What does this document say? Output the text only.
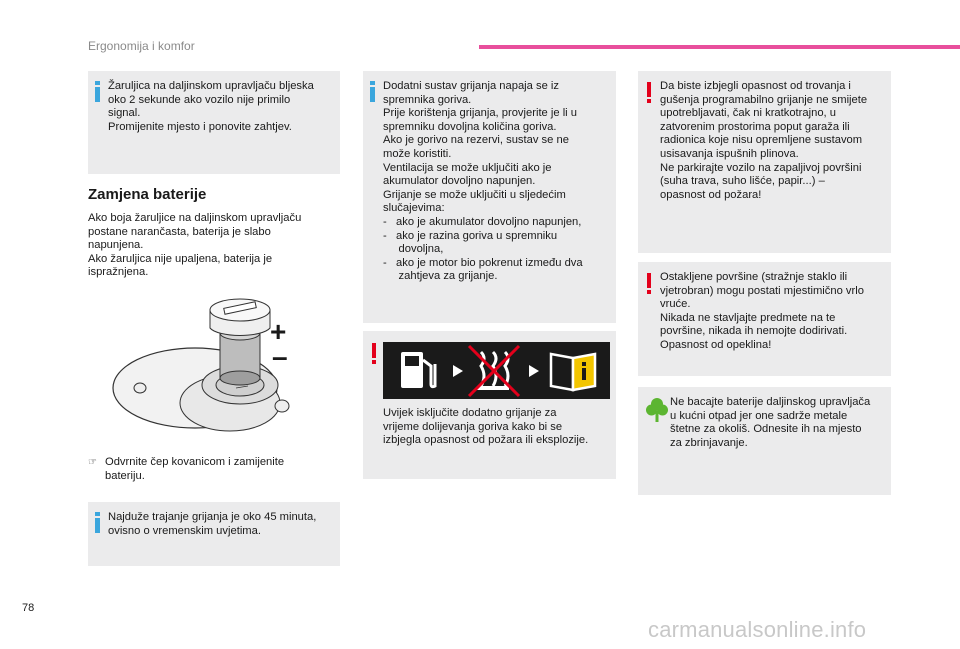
Ergonomija i komfor
Žaruljica na daljinskom upravljaču bljeska
oko 2 sekunde ako vozilo nije primilo
signal.
Promijenite mjesto i ponovite zahtjev.
Zamjena baterije
Ako boja žaruljice na daljinskom upravljaču
postane narančasta, baterija je slabo
napunjena.
Ako žaruljica nije upaljena, baterija je
ispražnjena.
+
–
☞ Odvrnite čep kovanicom i zamijenite
bateriju.
Najduže trajanje grijanja je oko 45 minuta,
ovisno o vremenskim uvjetima.
Dodatni sustav grijanja napaja se iz
spremnika goriva.
Prije korištenja grijanja, provjerite je li u
spremniku dovoljna količina goriva.
Ako je gorivo na rezervi, sustav se ne
može koristiti.
Ventilacija se može uključiti ako je
akumulator dovoljno napunjen.
Grijanje se može uključiti u sljedećim
slučajevima:
-   ako je akumulator dovoljno napunjen,
-   ako je razina goriva u spremniku
dovoljna,
-   ako je motor bio pokrenut između dva
zahtjeva za grijanje.
Uvijek isključite dodatno grijanje za
vrijeme dolijevanja goriva kako bi se
izbjegla opasnost od požara ili eksplozije.
Da biste izbjegli opasnost od trovanja i
gušenja programabilno grijanje ne smijete
upotrebljavati, čak ni kratkotrajno, u
zatvorenim prostorima poput garaža ili
radionica koje nisu opremljene sustavom
usisavanja ispušnih plinova.
Ne parkirajte vozilo na zapaljivoj površini
(suha trava, suho lišće, papir...) –
opasnost od požara!
Ostakljene površine (stražnje staklo ili
vjetrobran) mogu postati mjestimično vrlo
vruće.
Nikada ne stavljajte predmete na te
površine, nikada ih nemojte dodirivati.
Opasnost od opeklina!
Ne bacajte baterije daljinskog upravljača
u kućni otpad jer one sadrže metale
štetne za okoliš. Odnesite ih na mjesto
za zbrinjavanje.
78
carmanualsonline.info
